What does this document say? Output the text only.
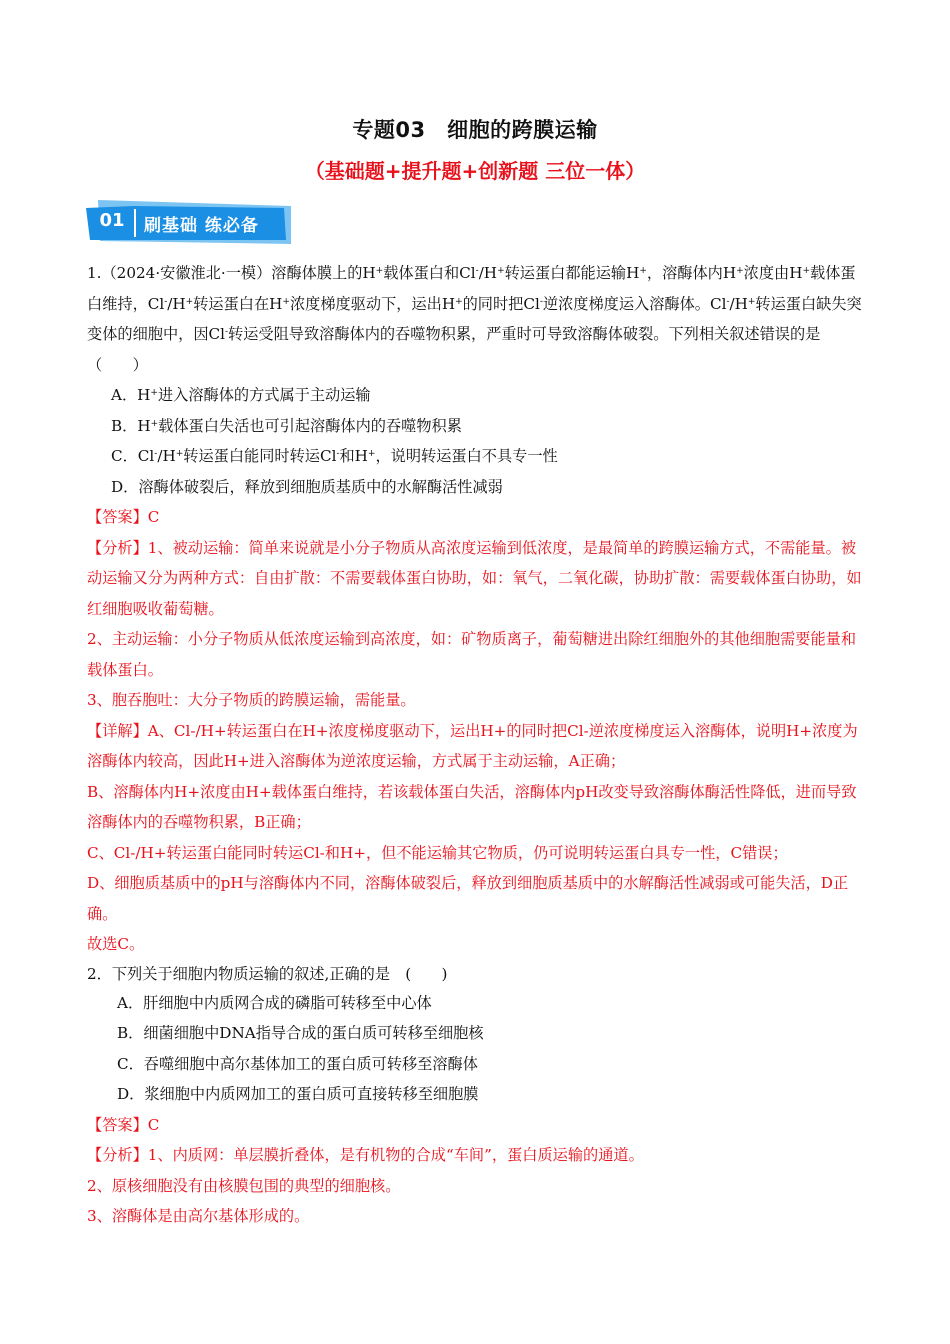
专题03　细胞的跨膜运输
（基础题+提升题+创新题 三位一体）
01	刷基础 练必备

1.（2024·安徽淮北·一模）溶酶体膜上的H+载体蛋白和Cl-/H+转运蛋白都能运输H+，溶酶体内H+浓度由H+载体蛋白维持，Cl-/H+转运蛋白在H+浓度梯度驱动下，运出H+的同时把Cl-逆浓度梯度运入溶酶体。Cl-/H+转运蛋白缺失突变体的细胞中，因Cl-转运受阻导致溶酶体内的吞噬物积累，严重时可导致溶酶体破裂。下列相关叙述错误的是（　　）

A．H+进入溶酶体的方式属于主动运输

B．H+载体蛋白失活也可引起溶酶体内的吞噬物积累

C．Cl-/H+转运蛋白能同时转运Cl-和H+，说明转运蛋白不具专一性

D．溶酶体破裂后，释放到细胞质基质中的水解酶活性减弱

【答案】C

【分析】1、被动运输：简单来说就是小分子物质从高浓度运输到低浓度，是最简单的跨膜运输方式，不需能量。被动运输又分为两种方式：自由扩散：不需要载体蛋白协助，如：氧气，二氧化碳，协助扩散：需要载体蛋白协助，如红细胞吸收葡萄糖。

2、主动运输：小分子物质从低浓度运输到高浓度，如：矿物质离子，葡萄糖进出除红细胞外的其他细胞需要能量和载体蛋白。

3、胞吞胞吐：大分子物质的跨膜运输，需能量。

【详解】A、Cl-/H+转运蛋白在H+浓度梯度驱动下，运出H+的同时把Cl-逆浓度梯度运入溶酶体，说明H+浓度为溶酶体内较高，因此H+进入溶酶体为逆浓度运输，方式属于主动运输，A正确；

B、溶酶体内H+浓度由H+载体蛋白维持，若该载体蛋白失活，溶酶体内pH改变导致溶酶体酶活性降低，进而导致溶酶体内的吞噬物积累，B正确；

C、Cl-/H+转运蛋白能同时转运Cl-和H+，但不能运输其它物质，仍可说明转运蛋白具专一性，C错误；

D、细胞质基质中的pH与溶酶体内不同，溶酶体破裂后，释放到细胞质基质中的水解酶活性减弱或可能失活，D正确。

故选C。

2．下列关于细胞内物质运输的叙述,正确的是　(　　)

A．肝细胞中内质网合成的磷脂可转移至中心体

B．细菌细胞中DNA指导合成的蛋白质可转移至细胞核

C．吞噬细胞中高尔基体加工的蛋白质可转移至溶酶体

D．浆细胞中内质网加工的蛋白质可直接转移至细胞膜

【答案】C

【分析】1、内质网：单层膜折叠体，是有机物的合成“车间”，蛋白质运输的通道。

2、原核细胞没有由核膜包围的典型的细胞核。

3、溶酶体是由高尔基体形成的。
